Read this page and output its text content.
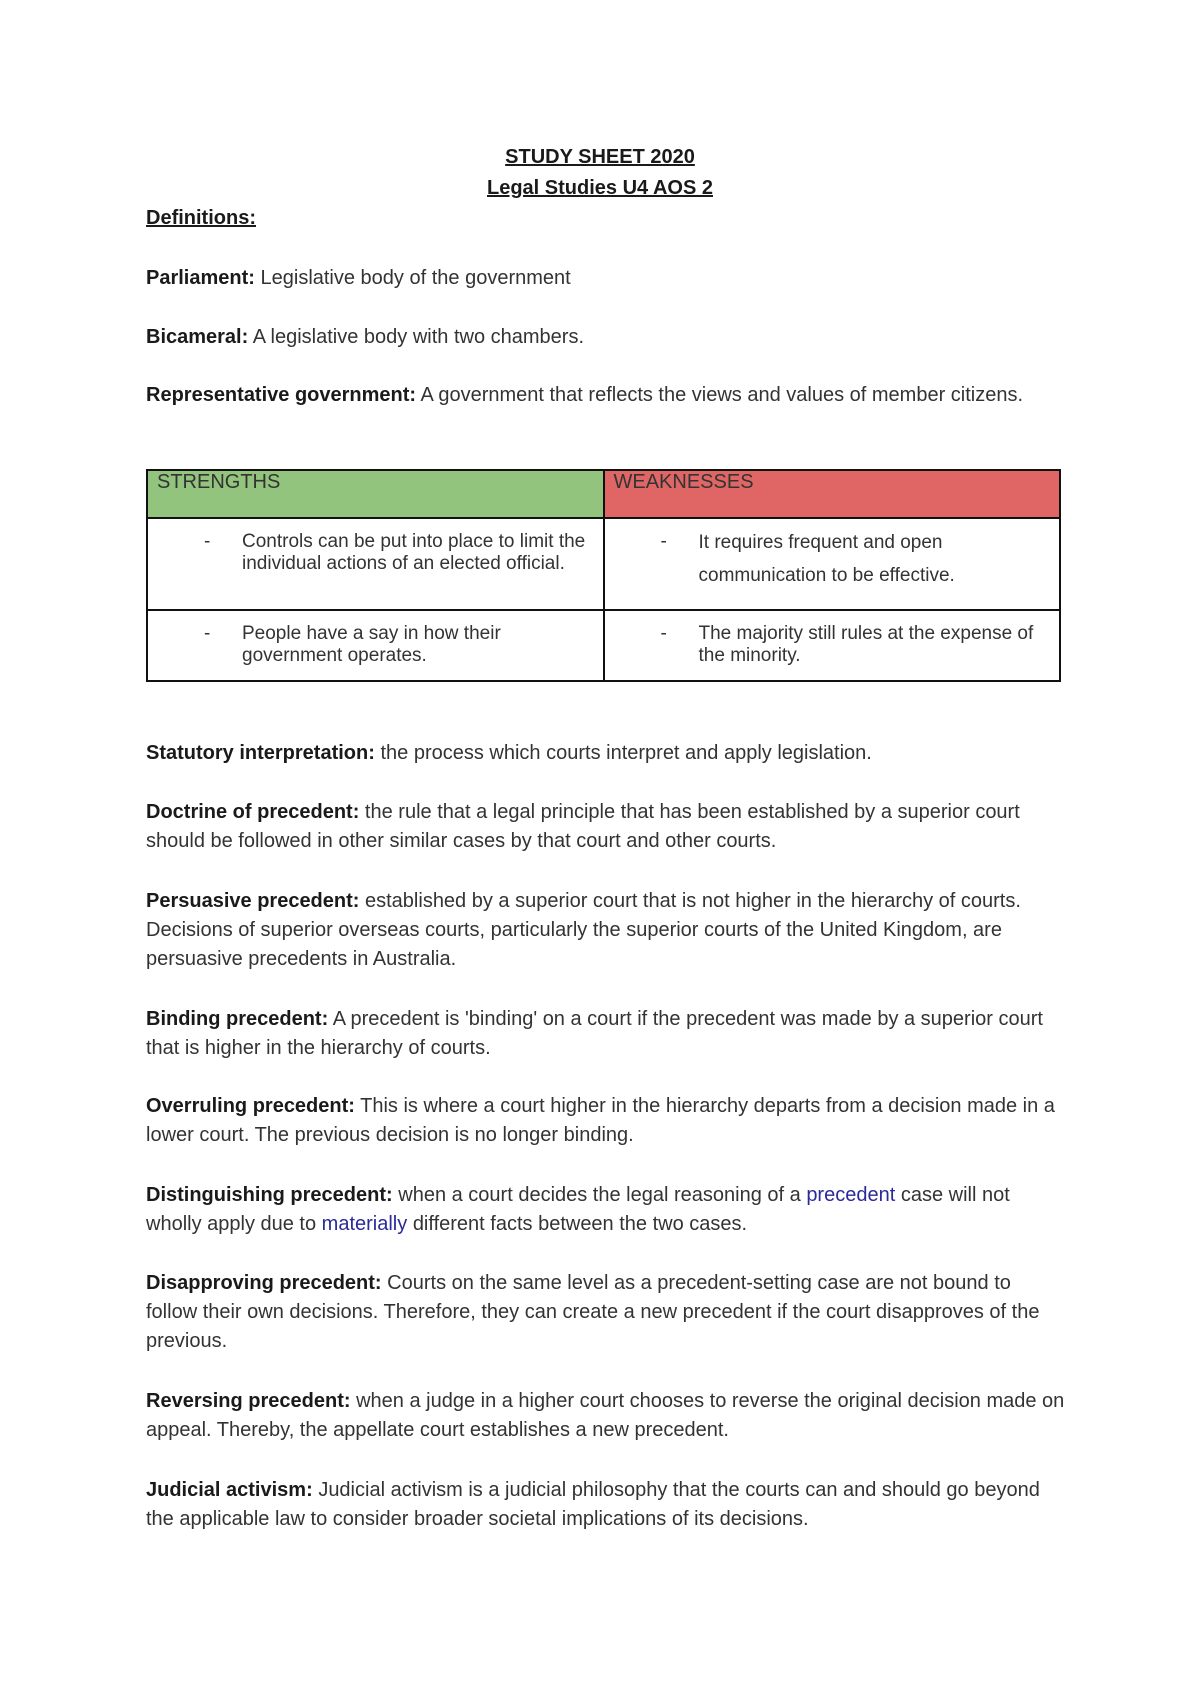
STUDY SHEET 2020
Legal Studies U4 AOS 2
Definitions:
Parliament: Legislative body of the government
Bicameral: A legislative body with two chambers.
Representative government: A government that reflects the views and values of member citizens.
STRENGTHS	WEAKNESSES

- Controls can be put into place to limit the individual actions of an elected official.	- It requires frequent and open communication to be effective.

- People have a say in how their government operates.	- The majority still rules at the expense of the minority.
Statutory interpretation: the process which courts interpret and apply legislation.
Doctrine of precedent: the rule that a legal principle that has been established by a superior court should be followed in other similar cases by that court and other courts.
Persuasive precedent: established by a superior court that is not higher in the hierarchy of courts. Decisions of superior overseas courts, particularly the superior courts of the United Kingdom, are persuasive precedents in Australia.
Binding precedent: A precedent is 'binding' on a court if the precedent was made by a superior court that is higher in the hierarchy of courts.
Overruling precedent: This is where a court higher in the hierarchy departs from a decision made in a lower court. The previous decision is no longer binding.
Distinguishing precedent: when a court decides the legal reasoning of a precedent case will not wholly apply due to materially different facts between the two cases.
Disapproving precedent: Courts on the same level as a precedent-setting case are not bound to follow their own decisions. Therefore, they can create a new precedent if the court disapproves of the previous.
Reversing precedent: when a judge in a higher court chooses to reverse the original decision made on appeal. Thereby, the appellate court establishes a new precedent.
Judicial activism: Judicial activism is a judicial philosophy that the courts can and should go beyond the applicable law to consider broader societal implications of its decisions.
